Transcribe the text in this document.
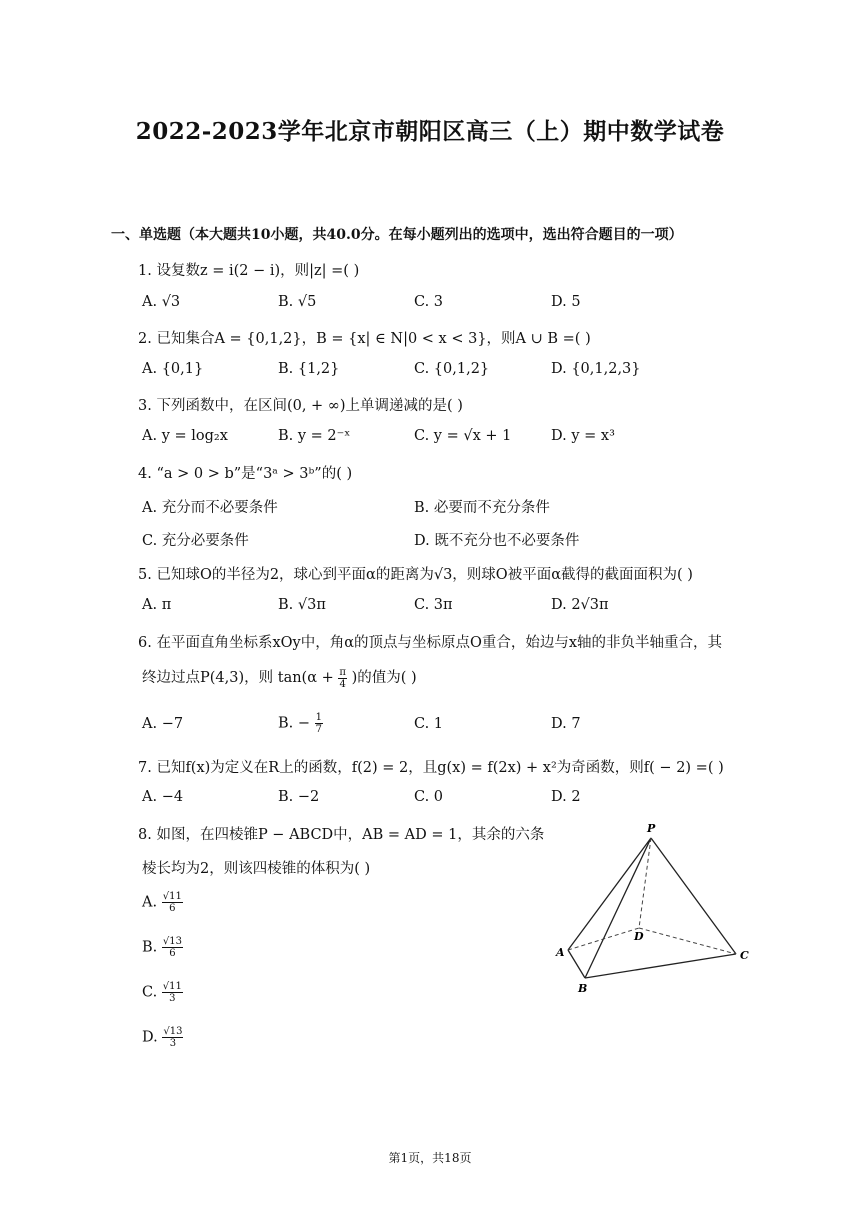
2022-2023学年北京市朝阳区高三（上）期中数学试卷
一、单选题（本大题共10小题，共40.0分。在每小题列出的选项中，选出符合题目的一项）
1. 设复数z = i(2 − i)，则|z| =( )
A. √3	B. √5	C. 3	D. 5
2. 已知集合A = {0,1,2}，B = {x| ∈ N|0 < x < 3}，则A ∪ B =( )
A. {0,1}	B. {1,2}	C. {0,1,2}	D. {0,1,2,3}
3. 下列函数中，在区间(0, + ∞)上单调递减的是( )
A. y = log₂x	B. y = 2⁻ˣ	C. y = √x + 1	D. y = x³
4. “a > 0 > b”是“3ᵃ > 3ᵇ”的( )
A. 充分而不必要条件	B. 必要而不充分条件
C. 充分必要条件	D. 既不充分也不必要条件
5. 已知球O的半径为2，球心到平面α的距离为√3，则球O被平面α截得的截面面积为( )
A. π	B. √3π	C. 3π	D. 2√3π
6. 在平面直角坐标系xOy中，角α的顶点与坐标原点O重合，始边与x轴的非负半轴重合，其
终边过点P(4,3)，则 $\tan(\alpha + \frac{\pi}{4}$ )的值为( )
A. −7	B. − $\frac{1}{7}$	C. 1	D. 7
7. 已知f(x)为定义在R上的函数，f(2) = 2，且g(x) = f(2x) + x²为奇函数，则f( − 2) =( )
A. −4	B. −2	C. 0	D. 2
8. 如图，在四棱锥P − ABCD中，AB = AD = 1，其余的六条
棱长均为2，则该四棱锥的体积为( )
A. $\frac{√11}{6}$
B. $\frac{√13}{6}$
C. $\frac{√11}{3}$
D. $\frac{√13}{3}$
P
A
B
C
D
第1页，共18页
